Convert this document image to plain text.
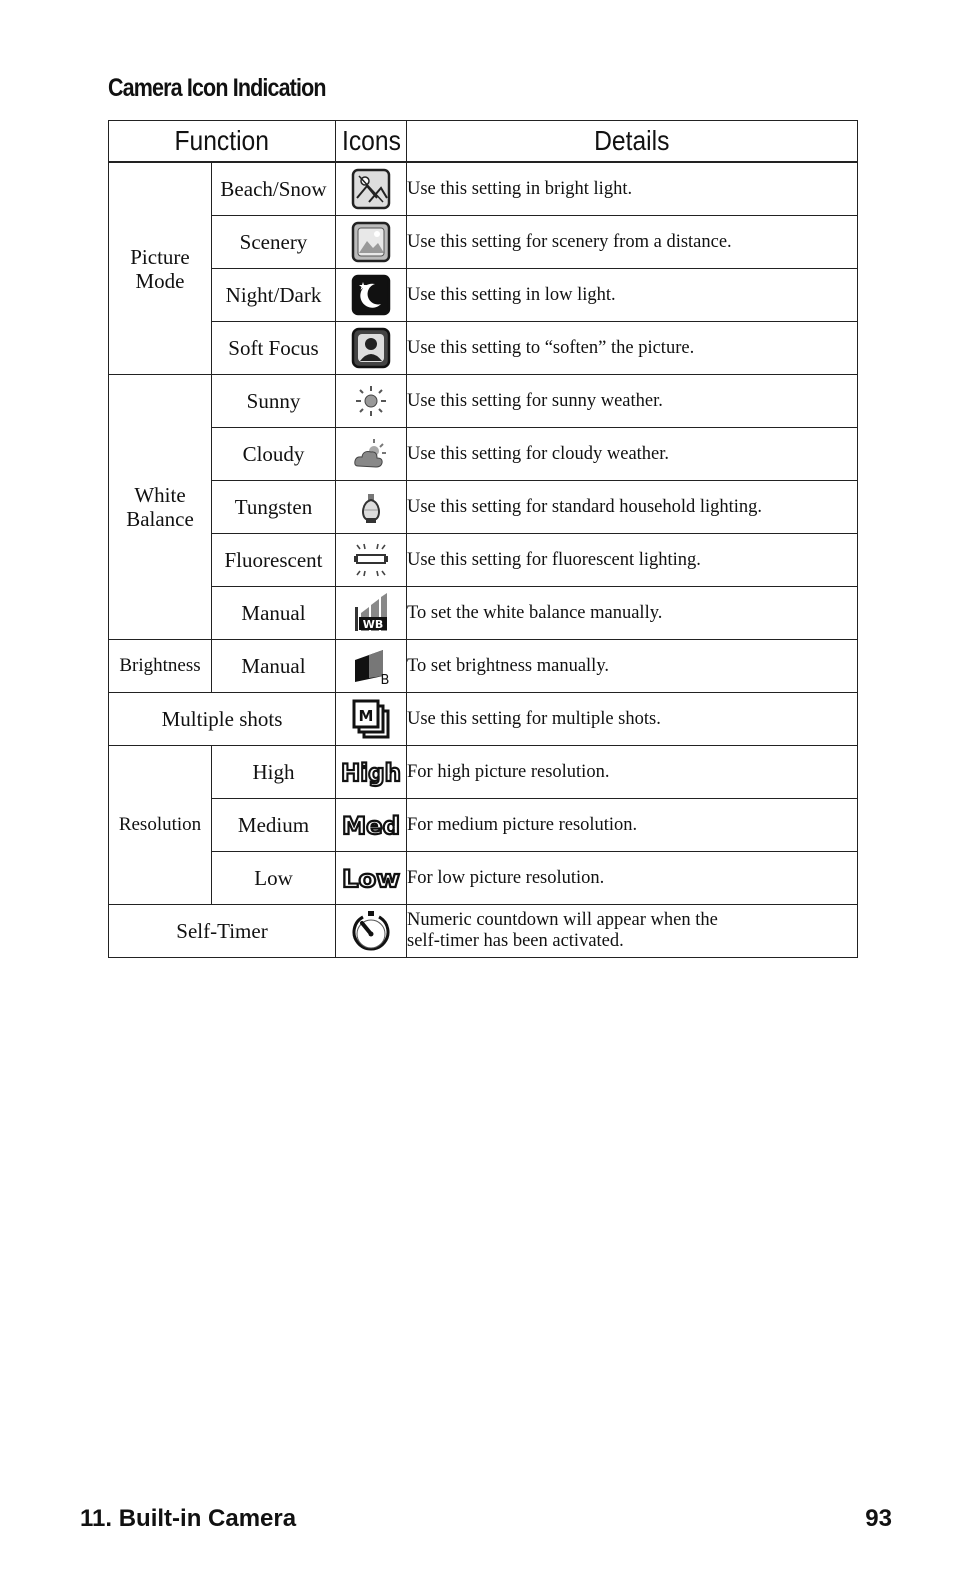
Camera Icon Indication
Function		Icons	Details
Picture Mode	Beach/Snow		Use this setting in bright light.
	Scenery		Use this setting for scenery from a distance.
	Night/Dark		Use this setting in low light.
	Soft Focus		Use this setting to “soften” the picture.
White Balance	Sunny		Use this setting for sunny weather.
	Cloudy		Use this setting for cloudy weather.
	Tungsten		Use this setting for standard household lighting.
	Fluorescent		Use this setting for fluorescent lighting.
	Manual	WB	To set the white balance manually.
Brightness	Manual	B	To set brightness manually.
Multiple shots		M	Use this setting for multiple shots.
Resolution	High	High	For high picture resolution.
	Medium	Med	For medium picture resolution.
	Low	Low	For low picture resolution.
Self-Timer			Numeric countdown will appear when the
self-timer has been activated.
11. Built-in Camera	93
